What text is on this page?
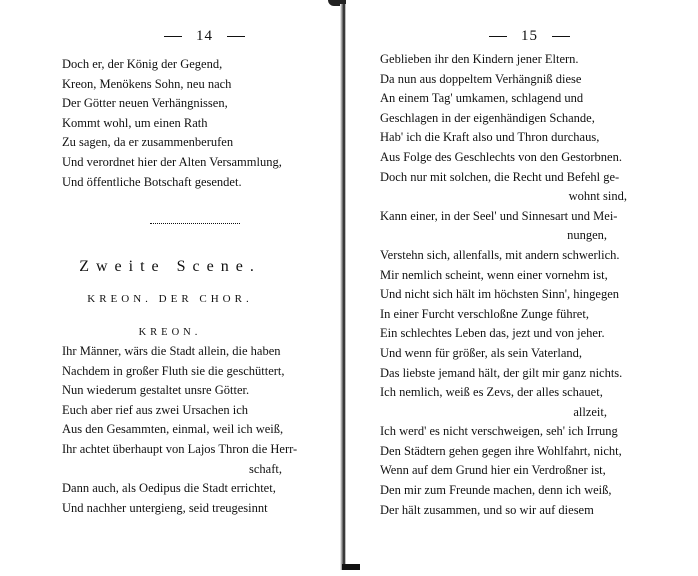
14
Doch er, der König der Gegend,
Kreon, Menökens Sohn, neu nach
Der Götter neuen Verhängnissen,
Kommt wohl, um einen Rath
Zu sagen, da er zusammenberufen
Und verordnet hier der Alten Versammlung,
Und öffentliche Botschaft gesendet.
Zweite Scene.
KREON. DER CHOR.
KREON.
Ihr Männer, wärs die Stadt allein, die haben
Nachdem in großer Fluth sie die geschüttert,
Nun wiederum gestaltet unsre Götter.
Euch aber rief aus zwei Ursachen ich
Aus den Gesammten, einmal, weil ich weiß,
Ihr achtet überhaupt von Lajos Thron die Herr-
schaft,
Dann auch, als Oedipus die Stadt errichtet,
Und nachher untergieng, seid treugesinnt
15
Geblieben ihr den Kindern jener Eltern.
Da nun aus doppeltem Verhängniß diese
An einem Tag' umkamen, schlagend und
Geschlagen in der eigenhändigen Schande,
Hab' ich die Kraft also und Thron durchaus,
Aus Folge des Geschlechts von den Gestorbnen.
Doch nur mit solchen, die Recht und Befehl ge-
wohnt sind,
Kann einer, in der Seel' und Sinnesart und Mei-
nungen,
Verstehn sich, allenfalls, mit andern schwerlich.
Mir nemlich scheint, wenn einer vornehm ist,
Und nicht sich hält im höchsten Sinn', hingegen
In einer Furcht verschloßne Zunge führet,
Ein schlechtes Leben das, jezt und von jeher.
Und wenn für größer, als sein Vaterland,
Das liebste jemand hält, der gilt mir ganz nichts.
Ich nemlich, weiß es Zevs, der alles schauet,
allzeit,
Ich werd' es nicht verschweigen, seh' ich Irrung
Den Städtern gehen gegen ihre Wohlfahrt, nicht,
Wenn auf dem Grund hier ein Verdroßner ist,
Den mir zum Freunde machen, denn ich weiß,
Der hält zusammen, und so wir auf diesem
